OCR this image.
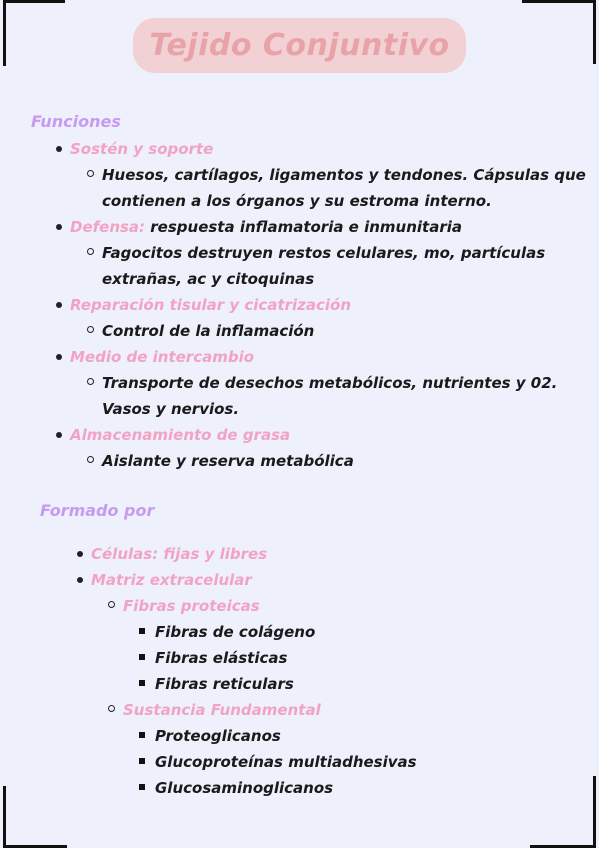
Tejido Conjuntivo
Funciones
Sostén y soporte
Huesos, cartílagos, ligamentos y tendones. Cápsulas que contienen a los órganos y su estroma interno.
Defensa: respuesta inflamatoria e inmunitaria
Fagocitos destruyen restos celulares, mo, partículas extrañas, ac y citoquinas
Reparación tisular y cicatrización
Control de la inflamación
Medio de intercambio
Transporte de desechos metabólicos, nutrientes y 02. Vasos y nervios.
Almacenamiento de grasa
Aislante y reserva metabólica
Formado por
Células: fijas y libres
Matriz extracelular
Fibras proteicas
Fibras de colágeno
Fibras elásticas
Fibras reticulars
Sustancia Fundamental
Proteoglicanos
Glucoproteínas multiadhesivas
Glucosaminoglicanos
